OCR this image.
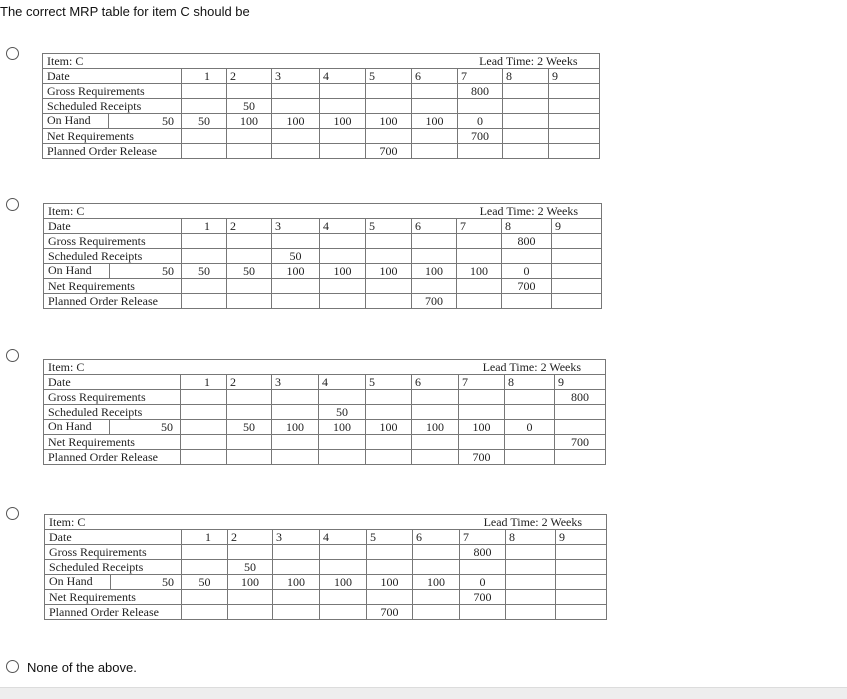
The correct MRP table for item C should be
Item: C							Lead Time: 2 Weeks		
Date	1	2	3	4	5	6	7	8	9
Gross Requirements							800		
Scheduled Receipts		50							

On Hand 50	50	100	100	100	100	100	0		
Net Requirements							700		
Planned Order Release					700				
Item: C							Lead Time: 2 Weeks		
Date	1	2	3	4	5	6	7	8	9
Gross Requirements								800	
Scheduled Receipts			50						

On Hand 50	50	50	100	100	100	100	100	0	
Net Requirements								700	
Planned Order Release						700			
Item: C							Lead Time: 2 Weeks		
Date	1	2	3	4	5	6	7	8	9
Gross Requirements									800
Scheduled Receipts				50					

On Hand 50		50	100	100	100	100	100	0	
Net Requirements									700
Planned Order Release							700		
Item: C							Lead Time: 2 Weeks		
Date	1	2	3	4	5	6	7	8	9
Gross Requirements							800		
Scheduled Receipts		50							

On Hand 50	50	100	100	100	100	100	0		
Net Requirements							700		
Planned Order Release					700				

None of the above.
